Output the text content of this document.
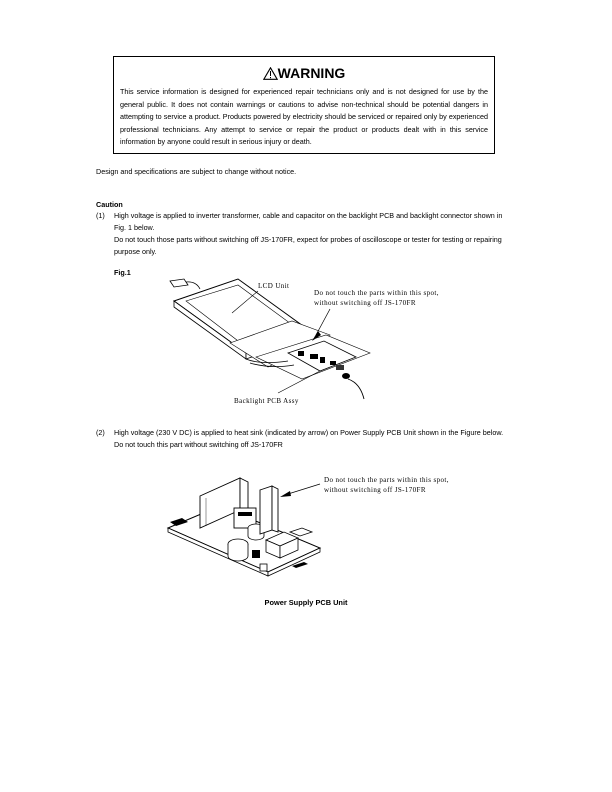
WARNING
This service information is designed for experienced repair technicians only and is not designed for use by the general public. It does not contain warnings or cautions to advise non-technical should be potential dangers in attempting to service a product. Products powered by electricity should be serviced or repaired only by experienced professional technicians. Any attempt to service or repair the product or products dealt with in this service information by anyone could result in serious injury or death.
Design and specifications are subject to change without notice.
Caution
(1) High voltage is applied to inverter transformer, cable and capacitor on the backlight PCB and backlight connector shown in
Fig. 1 below.
Do not touch those parts without switching off JS-170FR, expect for probes of oscilloscope or tester for testing or repairing
purpose only.
Fig.1
LCD Unit
Do not touch the parts within this spot,
without switching off JS-170FR
Backlight PCB Assy
(2) High voltage (230 V DC) is applied to heat sink (indicated by arrow) on Power Supply PCB Unit shown in the Figure below.
Do not touch this part without switching off JS-170FR
Do not touch the parts within this spot,
without switching off JS-170FR
Power Supply PCB Unit
